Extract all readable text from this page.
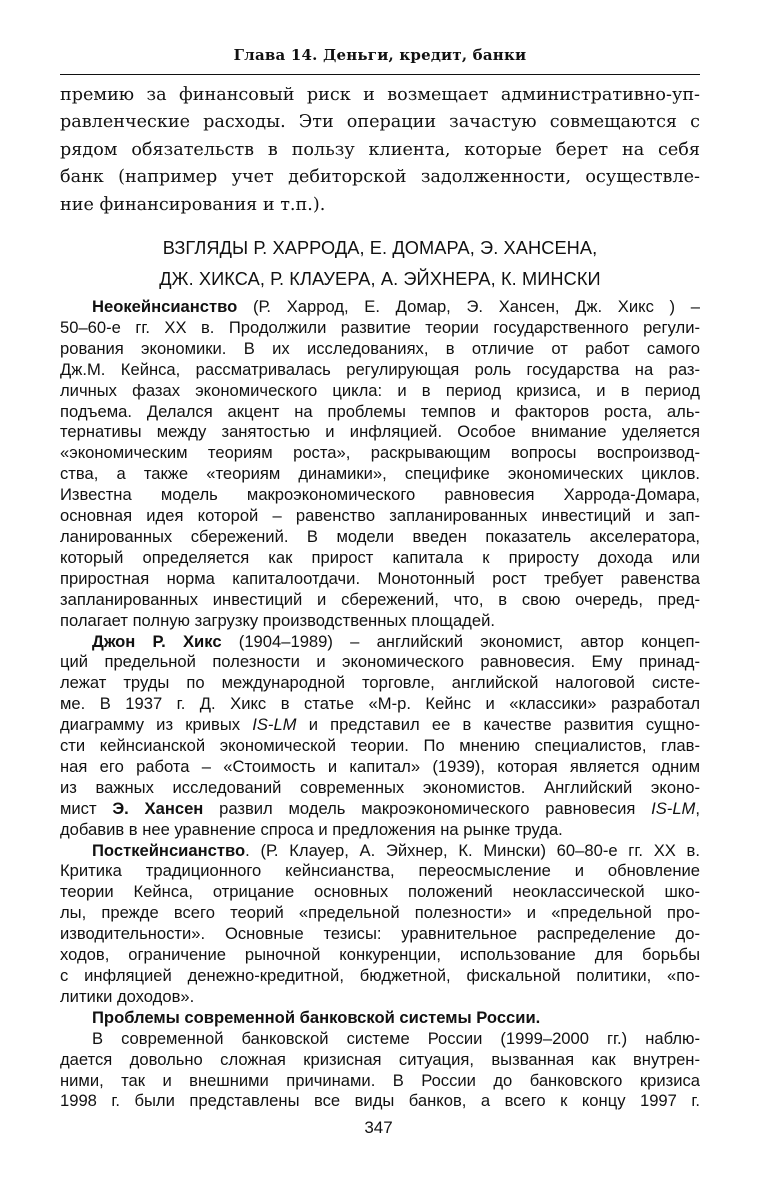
Глава 14. Деньги, кредит, банки
премию за финансовый риск и возмещает административно-уп-
равленческие расходы. Эти операции зачастую совмещаются с
рядом обязательств в пользу клиента, которые берет на себя
банк (например учет дебиторской задолженности, осуществле-
ние финансирования и т.п.).
ВЗГЛЯДЫ Р. ХАРРОДА, Е. ДОМАРА, Э. ХАНСЕНА,
ДЖ. ХИКСА, Р. КЛАУЕРА, А. ЭЙХНЕРА, К. МИНСКИ
Неокейнсианство (Р. Харрод, Е. Домар, Э. Хансен, Дж. Хикс ) –
50–60-е гг. XX в. Продолжили развитие теории государственного регули-
рования экономики. В их исследованиях, в отличие от работ самого
Дж.М. Кейнса, рассматривалась регулирующая роль государства на раз-
личных фазах экономического цикла: и в период кризиса, и в период
подъема. Делался акцент на проблемы темпов и факторов роста, аль-
тернативы между занятостью и инфляцией. Особое внимание уделяется
«экономическим теориям роста», раскрывающим вопросы воспроизвод-
ства, а также «теориям динамики», специфике экономических циклов.
Известна модель макроэкономического равновесия Харрода-Домара,
основная идея которой – равенство запланированных инвестиций и зап-
ланированных сбережений. В модели введен показатель акселератора,
который определяется как прирост капитала к приросту дохода или
приростная норма капиталоотдачи. Монотонный рост требует равенства
запланированных инвестиций и сбережений, что, в свою очередь, пред-
полагает полную загрузку производственных площадей.
Джон Р. Хикс (1904–1989) – английский экономист, автор концеп-
ций предельной полезности и экономического равновесия. Ему принад-
лежат труды по международной торговле, английской налоговой систе-
ме. В 1937 г. Д. Хикс в статье «М-р. Кейнс и «классики» разработал
диаграмму из кривых IS-LM и представил ее в качестве развития сущно-
сти кейнсианской экономической теории. По мнению специалистов, глав-
ная его работа – «Стоимость и капитал» (1939), которая является одним
из важных исследований современных экономистов. Английский эконо-
мист Э. Хансен развил модель макроэкономического равновесия IS-LM,
добавив в нее уравнение спроса и предложения на рынке труда.
Посткейнсианство. (Р. Клауер, А. Эйхнер, К. Мински) 60–80-е гг. XX в.
Критика традиционного кейнсианства, переосмысление и обновление
теории Кейнса, отрицание основных положений неоклассической шко-
лы, прежде всего теорий «предельной полезности» и «предельной про-
изводительности». Основные тезисы: уравнительное распределение до-
ходов, ограничение рыночной конкуренции, использование для борьбы
с инфляцией денежно-кредитной, бюджетной, фискальной политики, «по-
литики доходов».
Проблемы современной банковской системы России.
В современной банковской системе России (1999–2000 гг.) наблю-
дается довольно сложная кризисная ситуация, вызванная как внутрен-
ними, так и внешними причинами. В России до банковского кризиса
1998 г. были представлены все виды банков, а всего к концу 1997 г.
347
